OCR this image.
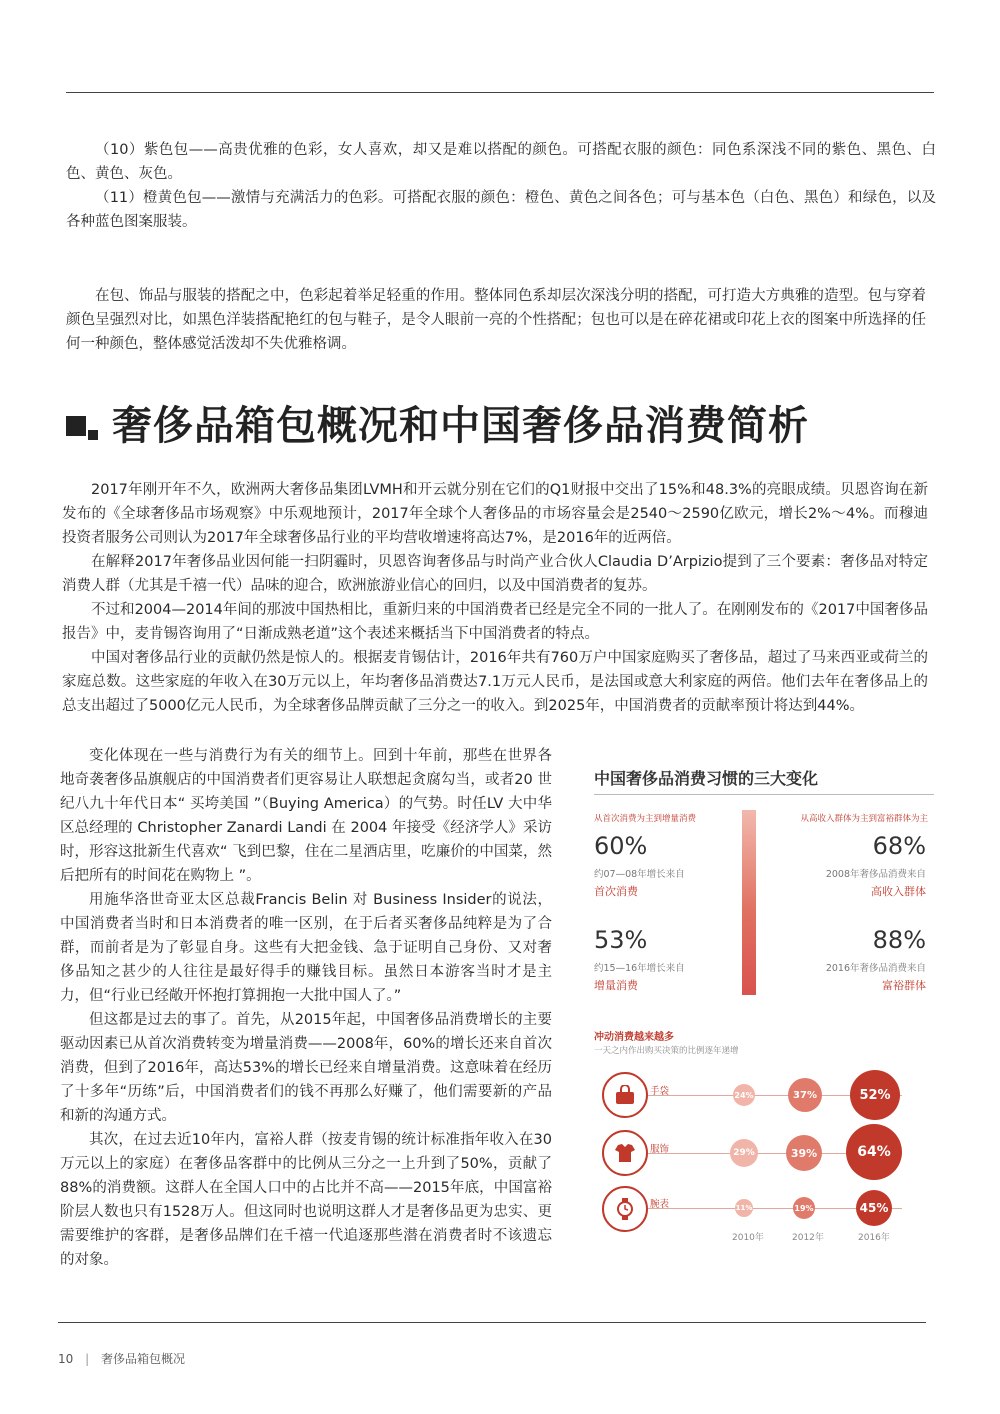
（10）紫色包——高贵优雅的色彩，女人喜欢，却又是难以搭配的颜色。可搭配衣服的颜色：同色系深浅不同的紫色、黑色、白色、黄色、灰色。

（11）橙黄色包——激情与充满活力的色彩。可搭配衣服的颜色：橙色、黄色之间各色；可与基本色（白色、黑色）和绿色，以及各种蓝色图案服装。

在包、饰品与服装的搭配之中，色彩起着举足轻重的作用。整体同色系却层次深浅分明的搭配，可打造大方典雅的造型。包与穿着颜色呈强烈对比，如黑色洋装搭配艳红的包与鞋子，是令人眼前一亮的个性搭配；包也可以是在碎花裙或印花上衣的图案中所选择的任何一种颜色，整体感觉活泼却不失优雅格调。

奢侈品箱包概况和中国奢侈品消费简析

2017年刚开年不久，欧洲两大奢侈品集团LVMH和开云就分别在它们的Q1财报中交出了15%和48.3%的亮眼成绩。贝恩咨询在新发布的《全球奢侈品市场观察》中乐观地预计，2017年全球个人奢侈品的市场容量会是2540～2590亿欧元，增长2%～4%。而穆迪投资者服务公司则认为2017年全球奢侈品行业的平均营收增速将高达7%，是2016年的近两倍。

在解释2017年奢侈品业因何能一扫阴霾时，贝恩咨询奢侈品与时尚产业合伙人Claudia D’Arpizio提到了三个要素：奢侈品对特定消费人群（尤其是千禧一代）品味的迎合，欧洲旅游业信心的回归，以及中国消费者的复苏。

不过和2004—2014年间的那波中国热相比，重新归来的中国消费者已经是完全不同的一批人了。在刚刚发布的《2017中国奢侈品报告》中，麦肯锡咨询用了“日渐成熟老道”这个表述来概括当下中国消费者的特点。

中国对奢侈品行业的贡献仍然是惊人的。根据麦肯锡估计，2016年共有760万户中国家庭购买了奢侈品，超过了马来西亚或荷兰的家庭总数。这些家庭的年收入在30万元以上，年均奢侈品消费达7.1万元人民币，是法国或意大利家庭的两倍。他们去年在奢侈品上的总支出超过了5000亿元人民币，为全球奢侈品牌贡献了三分之一的收入。到2025年，中国消费者的贡献率预计将达到44%。

变化体现在一些与消费行为有关的细节上。回到十年前，那些在世界各地奇袭奢侈品旗舰店的中国消费者们更容易让人联想起贪腐勾当，或者20 世纪八九十年代日本“ 买垮美国 ”（Buying America）的气势。时任LV 大中华区总经理的 Christopher Zanardi Landi 在 2004 年接受《经济学人》采访时，形容这批新生代喜欢“ 飞到巴黎，住在二星酒店里，吃廉价的中国菜，然后把所有的时间花在购物上 ”。

用施华洛世奇亚太区总裁Francis Belin 对 Business Insider的说法，中国消费者当时和日本消费者的唯一区别，在于后者买奢侈品纯粹是为了合群，而前者是为了彰显自身。这些有大把金钱、急于证明自己身份、又对奢侈品知之甚少的人往往是最好得手的赚钱目标。虽然日本游客当时才是主力，但“行业已经敞开怀抱打算拥抱一大批中国人了。”

但这都是过去的事了。首先，从2015年起，中国奢侈品消费增长的主要驱动因素已从首次消费转变为增量消费——2008年，60%的增长还来自首次消费，但到了2016年，高达53%的增长已经来自增量消费。这意味着在经历了十多年“历练”后，中国消费者们的钱不再那么好赚了，他们需要新的产品和新的沟通方式。

其次，在过去近10年内，富裕人群（按麦肯锡的统计标准指年收入在30万元以上的家庭）在奢侈品客群中的比例从三分之一上升到了50%，贡献了88%的消费额。这群人在全国人口中的占比并不高——2015年底，中国富裕阶层人数也只有1528万人。但这同时也说明这群人才是奢侈品更为忠实、更需要维护的客群，是奢侈品牌们在千禧一代追逐那些潜在消费者时不该遗忘的对象。

中国奢侈品消费习惯的三大变化
从首次消费为主到增量消费	从高收入群体为主到富裕群体为主
60%
约07—08年增长来自
首次消费
68%
2008年奢侈品消费来自
高收入群体
53%
约15—16年增长来自
增量消费
88%
2016年奢侈品消费来自
富裕群体
冲动消费越来越多
一天之内作出购买决策的比例逐年递增
手袋	24%	37%	52%
服饰	29%	39%	64%
腕表	11%	19%	45%
2010年	2012年	2016年
10 | 奢侈品箱包概况
